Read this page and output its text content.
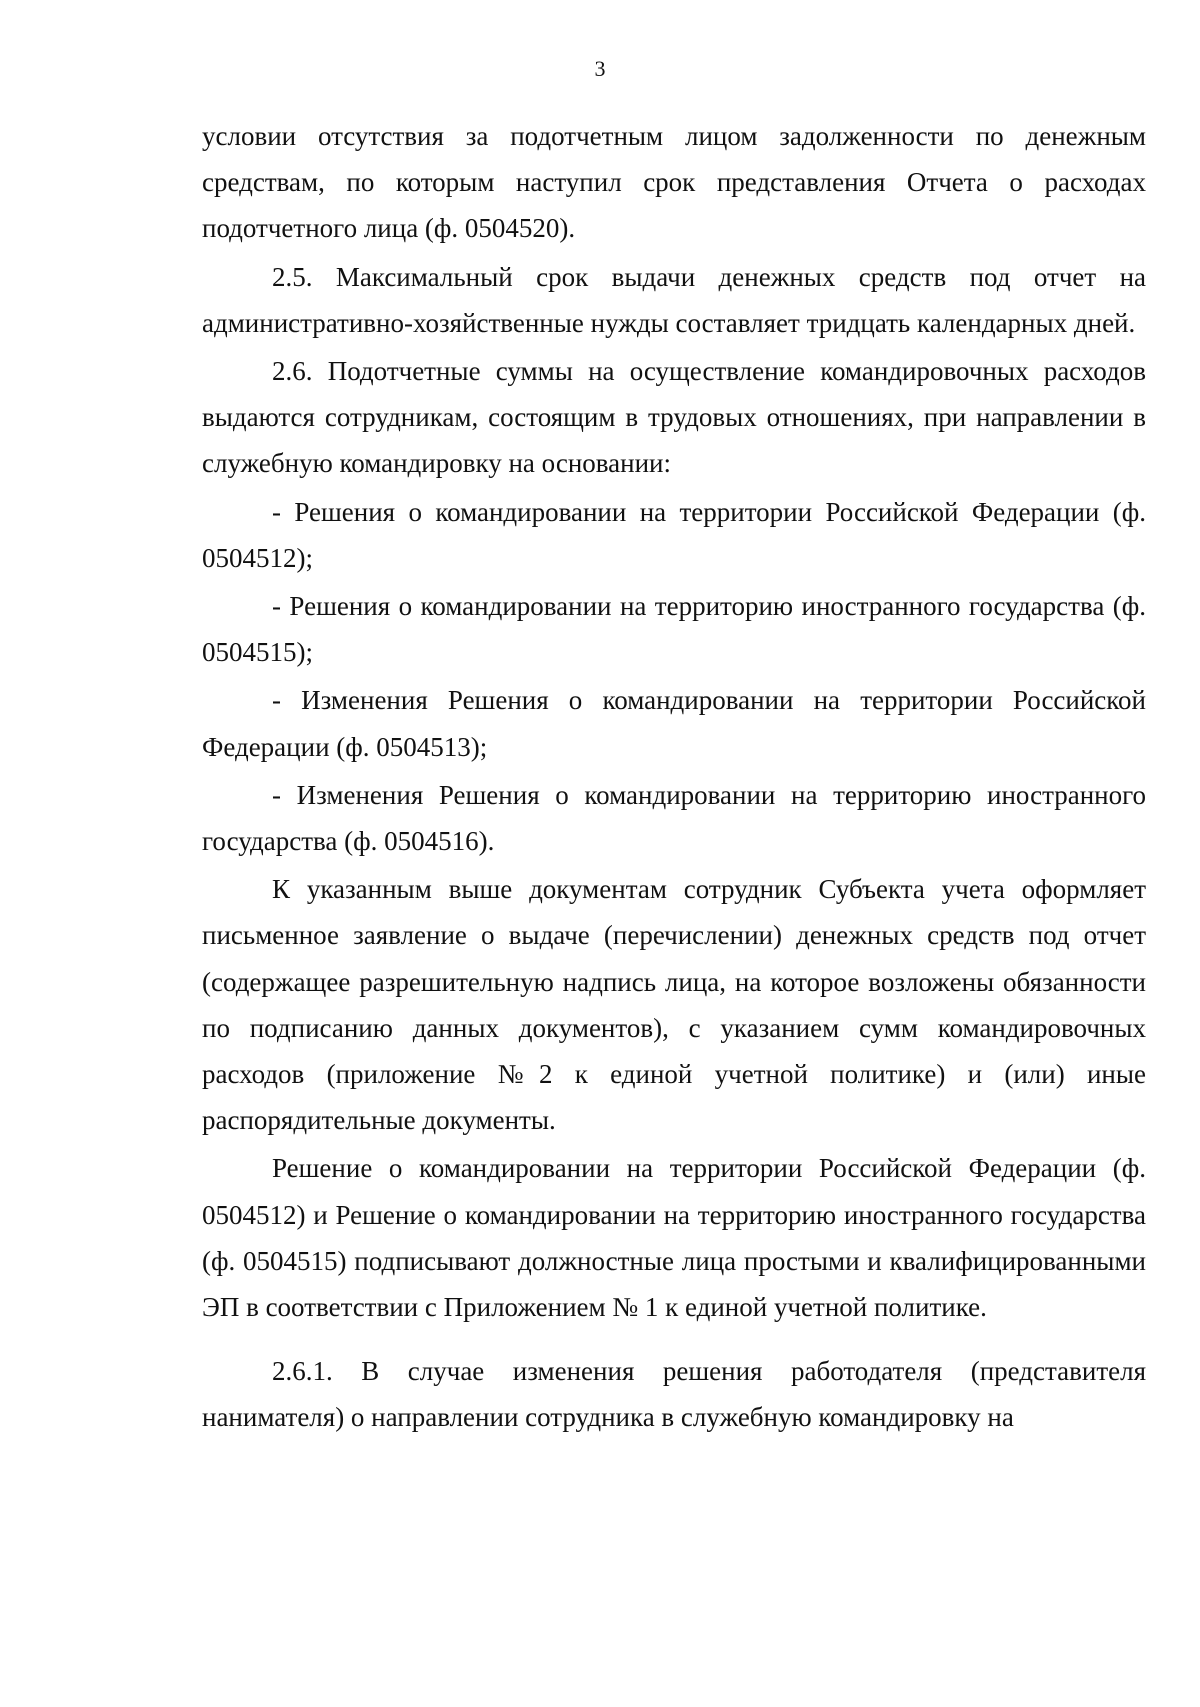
3

условии отсутствия за подотчетным лицом задолженности по денежным средствам, по которым наступил срок представления Отчета о расходах подотчетного лица (ф. 0504520).

2.5. Максимальный срок выдачи денежных средств под отчет на административно-хозяйственные нужды составляет тридцать календарных дней.

2.6. Подотчетные суммы на осуществление командировочных расходов выдаются сотрудникам, состоящим в трудовых отношениях, при направлении в служебную командировку на основании:

- Решения о командировании на территории Российской Федерации (ф. 0504512);

- Решения о командировании на территорию иностранного государства (ф. 0504515);

- Изменения Решения о командировании на территории Российской Федерации (ф. 0504513);

- Изменения Решения о командировании на территорию иностранного государства (ф. 0504516).

К указанным выше документам сотрудник Субъекта учета оформляет письменное заявление о выдаче (перечислении) денежных средств под отчет (содержащее разрешительную надпись лица, на которое возложены обязанности по подписанию данных документов), с указанием сумм командировочных расходов (приложение №2 к единой учетной политике) и (или) иные распорядительные документы.

Решение о командировании на территории Российской Федерации (ф. 0504512) и Решение о командировании на территорию иностранного государства (ф. 0504515) подписывают должностные лица простыми и квалифицированными ЭП в соответствии с Приложением № 1 к единой учетной политике.

2.6.1. В случае изменения решения работодателя (представителя нанимателя) о направлении сотрудника в служебную командировку на
